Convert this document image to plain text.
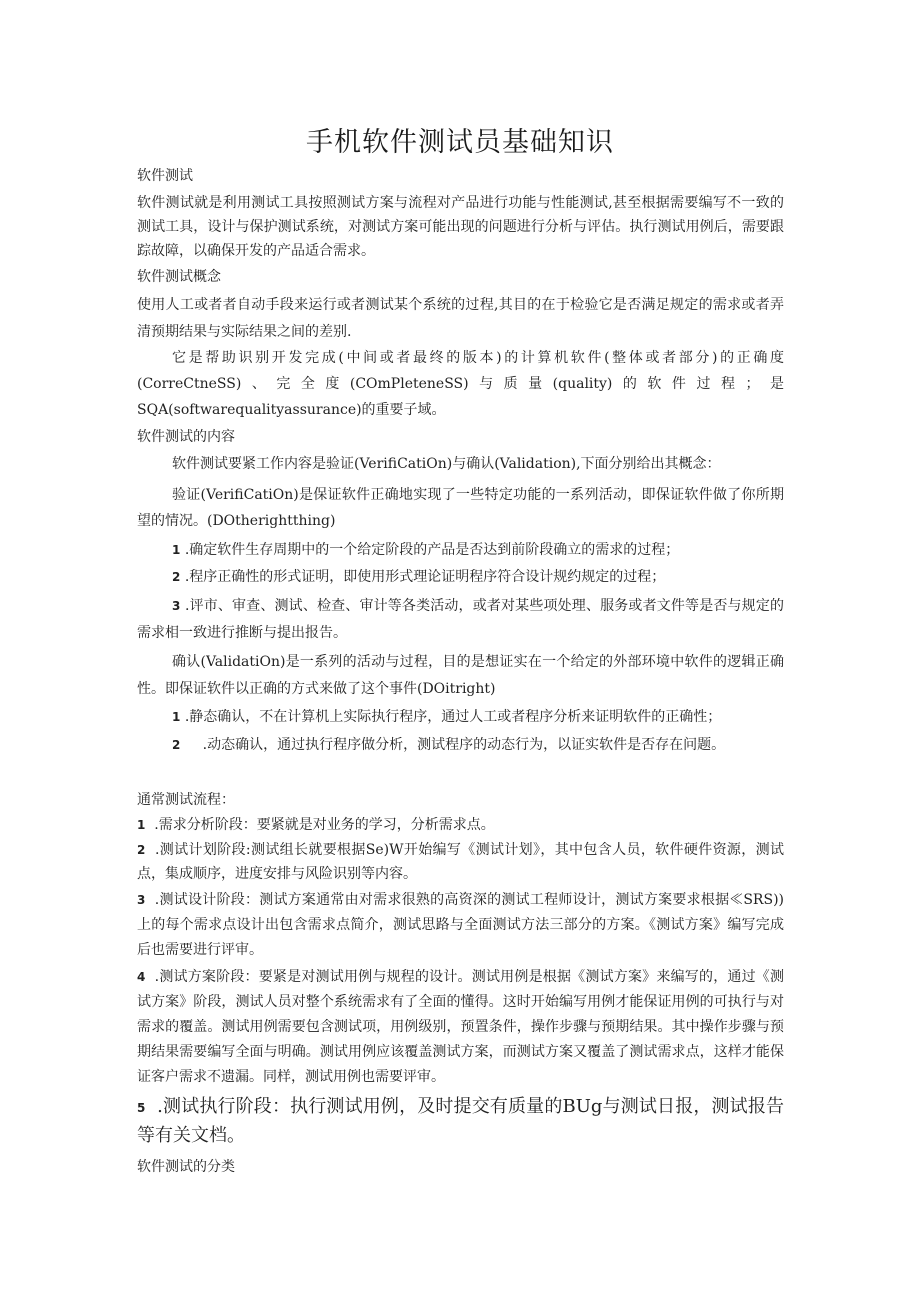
手机软件测试员基础知识
软件测试
软件测试就是利用测试工具按照测试方案与流程对产品进行功能与性能测试,甚至根据需要编写不一致的测试工具，设计与保护测试系统，对测试方案可能出现的问题进行分析与评估。执行测试用例后，需要跟踪故障，以确保开发的产品适合需求。
软件测试概念
使用人工或者者自动手段来运行或者测试某个系统的过程,其目的在于检验它是否满足规定的需求或者弄清预期结果与实际结果之间的差别.
它是帮助识别开发完成(中间或者最终的版本)的计算机软件(整体或者部分)的正确度(CorreCtneSS)、完全度(COmPleteneSS)与质量(quality)的软件过程；是SQA(softwarequalityassurance)的重要子域。
软件测试的内容
软件测试要紧工作内容是验证(VerifiCatiOn)与确认(Validation),下面分别给出其概念：
验证(VerifiCatiOn)是保证软件正确地实现了一些特定功能的一系列活动，即保证软件做了你所期望的情况。(DOtherightthing)
1 .确定软件生存周期中的一个给定阶段的产品是否达到前阶段确立的需求的过程；
2 .程序正确性的形式证明，即使用形式理论证明程序符合设计规约规定的过程；
3 .评市、审查、测试、检查、审计等各类活动，或者对某些项处理、服务或者文件等是否与规定的需求相一致进行推断与提出报告。
确认(ValidatiOn)是一系列的活动与过程，目的是想证实在一个给定的外部环境中软件的逻辑正确性。即保证软件以正确的方式来做了这个事件(DOitright)
1 .静态确认，不在计算机上实际执行程序，通过人工或者程序分析来证明软件的正确性；
2 .动态确认，通过执行程序做分析，测试程序的动态行为，以证实软件是否存在问题。
通常测试流程：
1 .需求分析阶段：要紧就是对业务的学习，分析需求点。
2 .测试计划阶段:测试组长就要根据Se)W开始编写《测试计划》，其中包含人员，软件硬件资源，测试点，集成顺序，进度安排与风险识别等内容。
3 .测试设计阶段：测试方案通常由对需求很熟的高资深的测试工程师设计，测试方案要求根据≪SRS))上的每个需求点设计出包含需求点简介，测试思路与全面测试方法三部分的方案。《测试方案》编写完成后也需要进行评审。
4 .测试方案阶段：要紧是对测试用例与规程的设计。测试用例是根据《测试方案》来编写的，通过《测试方案》阶段，测试人员对整个系统需求有了全面的懂得。这时开始编写用例才能保证用例的可执行与对需求的覆盖。测试用例需要包含测试项，用例级别，预置条件，操作步骤与预期结果。其中操作步骤与预期结果需要编写全面与明确。测试用例应该覆盖测试方案，而测试方案又覆盖了测试需求点，这样才能保证客户需求不遗漏。同样，测试用例也需要评审。
5 .测试执行阶段：执行测试用例，及时提交有质量的BUg与测试日报，测试报告等有关文档。
软件测试的分类
